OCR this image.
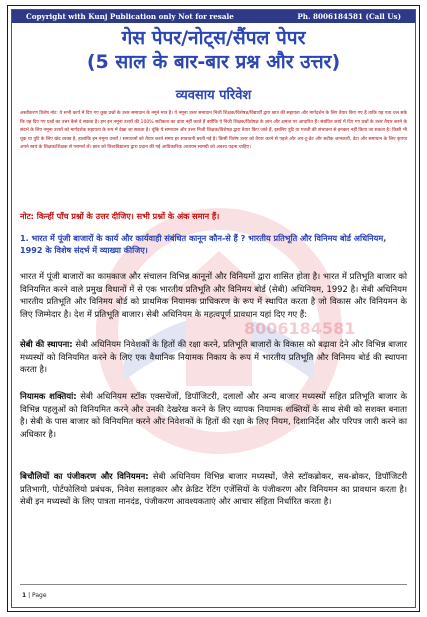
Copyright with Kunj Publication only Not for resale	Ph. 8006184581 (Call Us)
गेस पेपर/नोट्स/सैंपल पेपर
(5 साल के बार-बार प्रश्न और उत्तर)
व्यवसाय परिवेश
अस्वीकरण विशेष नोट: ये सभी कार्य में दिए गए कुछ प्रश्नों के उत्तर समाधान के नमूने मात्र हैं। ये नमूना उत्तर समाधान निजी शिक्षक/विशेषज्ञ/विद्यार्थी द्वारा छात्र की सहायता और मार्गदर्शन के लिए तैयार किए गए हैं ताकि यह पता चल सके कि वह दिए गए प्रश्नों का उत्तर कैसे दे सकता है। हम इन नमूना उत्तरों की 100% सटीकता का दावा नहीं करते हैं क्योंकि ये निजी शिक्षक/विशेषज्ञ के ज्ञान और क्षमता पर आधारित हैं। संबंधित कार्य में दिए गए प्रश्नों के उत्तर तैयार करने के संदर्भ के लिए नमूना उत्तरों को मार्गदर्शक सहायता के रूप में देखा जा सकता है। चूंकि ये समाधान और उत्तर निजी शिक्षक/विशेषज्ञ द्वारा तैयार किए जाते हैं, इसलिए त्रुटि या गलती की संभावना से इनकार नहीं किया जा सकता है। किसी भी चूक या त्रुटि के लिए खेद व्यक्त है, हालांकि इन नमूना उत्तरों / समाधानों को तैयार करते समय हर सावधानी बरती गई है। किसी विशेष उत्तर को तैयार करने से पहले और अप-टू-डेट और सटीक जानकारी, डेटा और समाधान के लिए कृपया अपने स्वयं के शिक्षक/शिक्षक से परामर्श लें। छात्र को विश्वविद्यालय द्वारा प्रदान की गई आधिकारिक अध्ययन सामग्री को अवश्य पढ़ना चाहिए।
8006184581
नोट: किन्हीं पाँच प्रश्नों के उत्तर दीजिए। सभी प्रश्नों के अंक समान हैं।
1. भारत में पूंजी बाजारों के कार्य और कार्यवाही संबंधित कानून कौन-से हैं ? भारतीय प्रतिभूति और विनिमय बोर्ड अधिनियम, 1992 के विशेष संदर्भ में व्याख्या कीजिए।
भारत में पूंजी बाजारों का कामकाज और संचालन विभिन्न कानूनों और विनियमों द्वारा शासित होता है। भारत में प्रतिभूति बाजार को विनियमित करने वाले प्रमुख विधानों में से एक भारतीय प्रतिभूति और विनिमय बोर्ड (सेबी) अधिनियम, 1992 है। सेबी अधिनियम भारतीय प्रतिभूति और विनिमय बोर्ड को प्राथमिक नियामक प्राधिकरण के रूप में स्थापित करता है जो विकास और विनियमन के लिए जिम्मेदार है। देश में प्रतिभूति बाजार। सेबी अधिनियम के महत्वपूर्ण प्रावधान यहां दिए गए हैं:
सेबी की स्थापना: सेबी अधिनियम निवेशकों के हितों की रक्षा करने, प्रतिभूति बाजारों के विकास को बढ़ावा देने और विभिन्न बाजार मध्यस्थों को विनियमित करने के लिए एक वैधानिक नियामक निकाय के रूप में भारतीय प्रतिभूति और विनिमय बोर्ड की स्थापना करता है।
नियामक शक्तियां: सेबी अधिनियम स्टॉक एक्सचेंजों, डिपॉजिटरी, दलालों और अन्य बाजार मध्यस्थों सहित प्रतिभूति बाजार के विभिन्न पहलुओं को विनियमित करने और उनकी देखरेख करने के लिए व्यापक नियामक शक्तियों के साथ सेबी को सशक्त बनाता है। सेबी के पास बाजार को विनियमित करने और निवेशकों के हितों की रक्षा के लिए नियम, दिशानिर्देश और परिपत्र जारी करने का अधिकार है।
बिचौलियों का पंजीकरण और विनियमन: सेबी अधिनियम विभिन्न बाजार मध्यस्थों, जैसे स्टॉकब्रोकर, सब-ब्रोकर, डिपॉजिटरी प्रतिभागी, पोर्टफोलियो प्रबंधक, निवेश सलाहकार और क्रेडिट रेटिंग एजेंसियों के पंजीकरण और विनियमन का प्रावधान करता है। सेबी इन मध्यस्थों के लिए पात्रता मानदंड, पंजीकरण आवश्यकताएं और आचार संहिता निर्धारित करता है।
1 | Page
